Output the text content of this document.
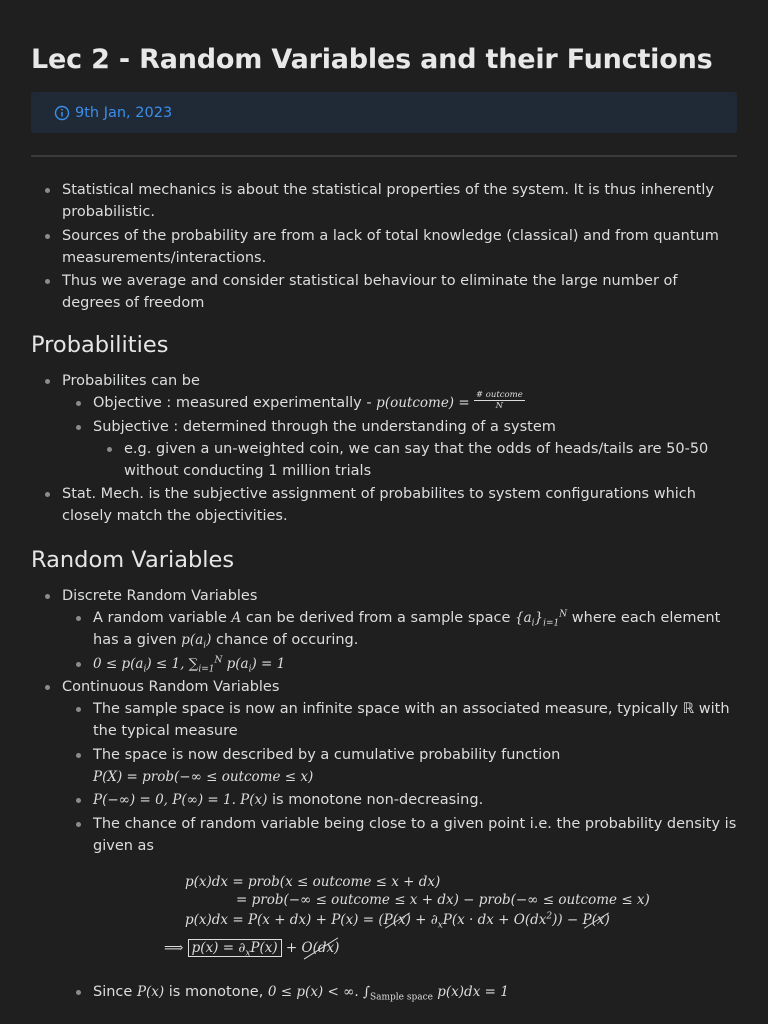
Lec 2 - Random Variables and their Functions
9th Jan, 2023
Statistical mechanics is about the statistical properties of the system. It is thus inherently probabilistic.
Sources of the probability are from a lack of total knowledge (classical) and from quantum measurements/interactions.
Thus we average and consider statistical behaviour to eliminate the large number of degrees of freedom
Probabilities
Probabilites can be
Objective : measured experimentally - p(outcome) = $\frac{\text{\# outcome}}{N}$
Subjective : determined through the understanding of a system
e.g. given a un-weighted coin, we can say that the odds of heads/tails are 50-50 without conducting 1 million trials
Stat. Mech. is the subjective assignment of probabilites to system configurations which closely match the objectivities.
Random Variables
Discrete Random Variables
A random variable A can be derived from a sample space $\{a_i\}_{i=1}^N$ where each element has a given $p(a_i)$ chance of occuring.
$0 \le p(a_i) \le 1$, $\sum_{i=1}^N$ $p(a_i) = 1$
Continuous Random Variables
The sample space is now an infinite space with an associated measure, typically ℝ with the typical measure
The space is now described by a cumulative probability function
P(X) = prob(−∞ ≤ outcome ≤ x)
P(−∞) = 0, P(∞) = 1. P(x) is monotone non-decreasing.
The chance of random variable being close to a given point i.e. the probability density is given as
p(x)dx = prob(x ≤ outcome ≤ x + dx)
= prob(−∞ ≤ outcome ≤ x + dx) − prob(−∞ ≤ outcome ≤ x)
$p(x)dx = P(x + dx) + P(x) = (P(x) + \partial_xP(x$ · dx + $O(dx^2)) - P(x)$
⟹ $p(x) = \partial_xP(x) + O(dx)$
Since P(x) is monotone, 0 ≤ p(x) < ∞. $\int_{Sample space}$ p(x)dx = 1
